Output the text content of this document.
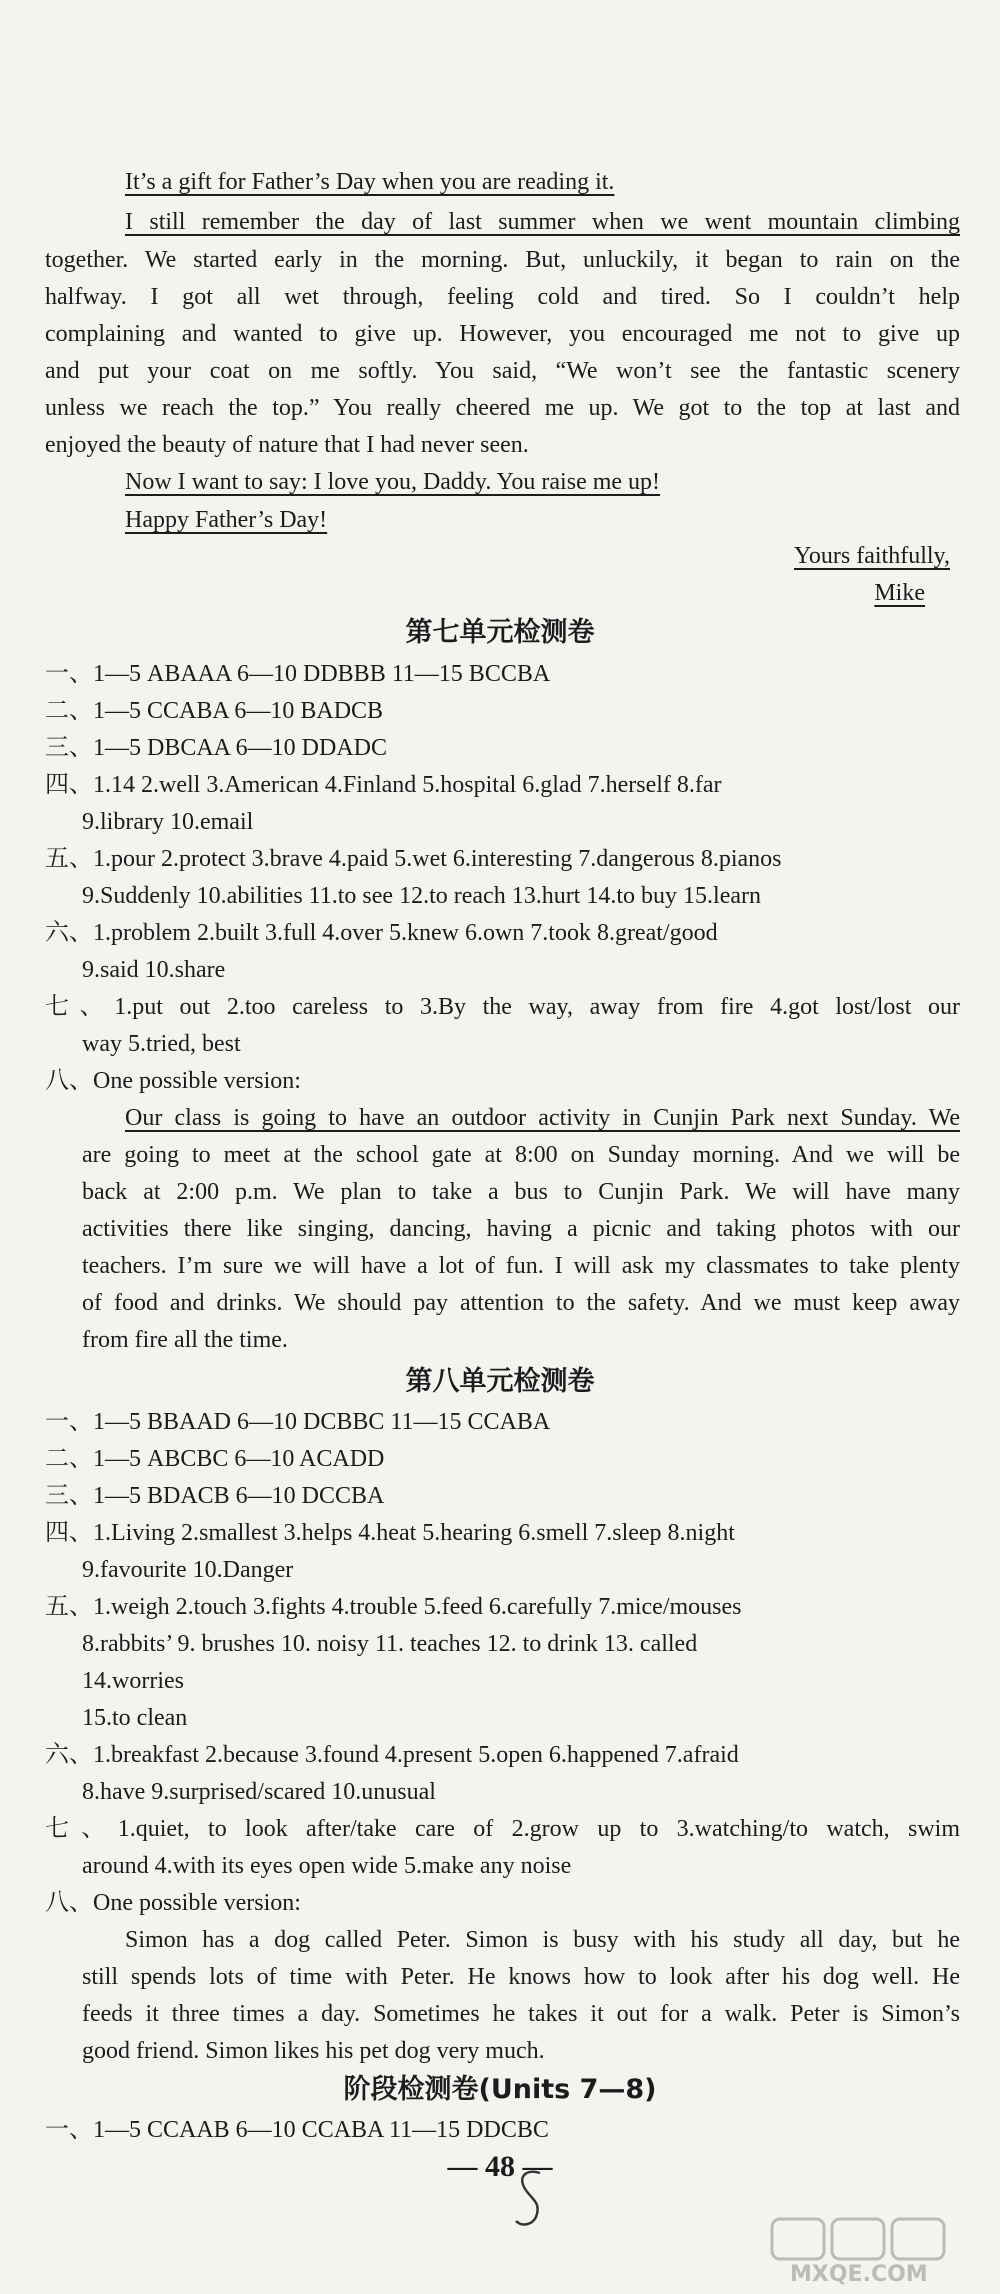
It’s a gift for Father’s Day when you are reading it.
I still remember the day of last summer when we went mountain climbing
together. We started early in the morning. But, unluckily, it began to rain on the
halfway. I got all wet through, feeling cold and tired. So I couldn’t help
complaining and wanted to give up. However, you encouraged me not to give up
and put your coat on me softly. You said, “We won’t see the fantastic scenery
unless we reach the top.” You really cheered me up. We got to the top at last and
enjoyed the beauty of nature that I had never seen.
Now I want to say: I love you, Daddy. You raise me up!
Happy Father’s Day!
Yours faithfully,
Mike
第七单元检测卷
一、1—5 ABAAA 6—10 DDBBB 11—15 BCCBA
二、1—5 CCABA 6—10 BADCB
三、1—5 DBCAA 6—10 DDADC
四、1.14 2.well 3.American 4.Finland 5.hospital 6.glad 7.herself 8.far
9.library 10.email
五、1.pour 2.protect 3.brave 4.paid 5.wet 6.interesting 7.dangerous 8.pianos
9.Suddenly 10.abilities 11.to see 12.to reach 13.hurt 14.to buy 15.learn
六、1.problem 2.built 3.full 4.over 5.knew 6.own 7.took 8.great/good
9.said 10.share
七、1.put out 2.too careless to 3.By the way, away from fire 4.got lost/lost our
way 5.tried, best
八、One possible version:
Our class is going to have an outdoor activity in Cunjin Park next Sunday. We
are going to meet at the school gate at 8:00 on Sunday morning. And we will be
back at 2:00 p.m. We plan to take a bus to Cunjin Park. We will have many
activities there like singing, dancing, having a picnic and taking photos with our
teachers. I’m sure we will have a lot of fun. I will ask my classmates to take plenty
of food and drinks. We should pay attention to the safety. And we must keep away
from fire all the time.
第八单元检测卷
一、1—5 BBAAD 6—10 DCBBC 11—15 CCABA
二、1—5 ABCBC 6—10 ACADD
三、1—5 BDACB 6—10 DCCBA
四、1.Living 2.smallest 3.helps 4.heat 5.hearing 6.smell 7.sleep 8.night
9.favourite 10.Danger
五、1.weigh 2.touch 3.fights 4.trouble 5.feed 6.carefully 7.mice/mouses
8.rabbits’ 9. brushes 10. noisy 11. teaches 12. to drink 13. called
14.worries
15.to clean
六、1.breakfast 2.because 3.found 4.present 5.open 6.happened 7.afraid
8.have 9.surprised/scared 10.unusual
七、1.quiet, to look after/take care of 2.grow up to 3.watching/to watch, swim
around 4.with its eyes open wide 5.make any noise
八、One possible version:
Simon has a dog called Peter. Simon is busy with his study all day, but he
still spends lots of time with Peter. He knows how to look after his dog well. He
feeds it three times a day. Sometimes he takes it out for a walk. Peter is Simon’s
good friend. Simon likes his pet dog very much.
阶段检测卷(Units 7—8)
一、1—5 CCAAB 6—10 CCABA 11—15 DDCBC
— 48 —
MXQE.COM
